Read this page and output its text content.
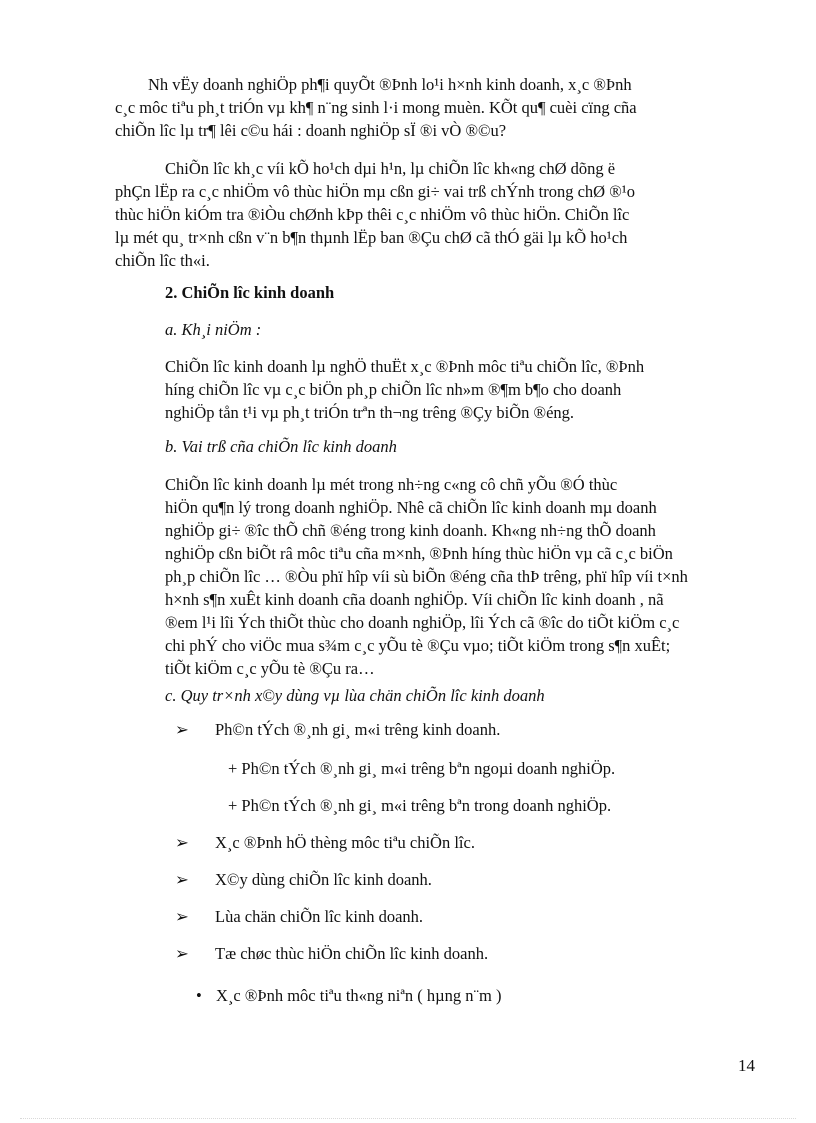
Nh vËy doanh nghiÖp ph¶i quyÕt ®Þnh lo¹i h×nh kinh doanh, x¸c ®Þnh

c¸c môc tiªu ph¸t triÓn vµ kh¶ n¨ng sinh l·i mong muèn. KÕt qu¶ cuèi cïng cña

chiÕn lîc lµ tr¶ lêi c©u hái : doanh nghiÖp sÏ ®i vÒ ®©u?

ChiÕn lîc kh¸c víi kÕ ho¹ch dµi h¹n, lµ chiÕn lîc kh«ng chØ dõng ë

phÇn lËp ra c¸c nhiÖm vô thùc hiÖn mµ cßn gi÷ vai trß chÝnh trong chØ ®¹o

thùc hiÖn kiÓm tra ®iÒu chØnh kÞp thêi c¸c nhiÖm vô thùc hiÖn. ChiÕn lîc

lµ mét qu¸ tr×nh cßn v¨n b¶n thµnh lËp ban ®Çu chØ cã thÓ gäi lµ kÕ ho¹ch

chiÕn lîc th«i.

2. ChiÕn lîc kinh doanh

a. Kh¸i niÖm :

ChiÕn lîc kinh doanh lµ nghÖ thuËt x¸c ®Þnh môc tiªu chiÕn lîc, ®Þnh

híng chiÕn lîc vµ c¸c biÖn ph¸p chiÕn lîc nh»m ®¶m b¶o cho doanh

nghiÖp tån t¹i vµ ph¸t triÓn trªn th¬ng trêng ®Çy biÕn ®éng.

b. Vai trß cña chiÕn lîc kinh doanh

ChiÕn lîc kinh doanh lµ mét trong nh÷ng c«ng cô chñ yÕu ®Ó thùc

hiÖn qu¶n lý trong doanh nghiÖp. Nhê cã chiÕn lîc kinh doanh mµ doanh

nghiÖp gi÷ ®îc thÕ chñ ®éng trong kinh doanh. Kh«ng nh÷ng thÕ doanh

nghiÖp cßn biÕt râ môc tiªu cña m×nh, ®Þnh híng thùc hiÖn vµ cã c¸c biÖn

ph¸p chiÕn lîc … ®Òu phï hîp víi sù biÕn ®éng cña thÞ trêng, phï hîp víi t×nh

h×nh s¶n xuÊt kinh doanh cña doanh nghiÖp. Víi chiÕn lîc kinh doanh , nã

®em l¹i lîi Ých thiÕt thùc cho doanh nghiÖp, lîi Ých cã ®îc do tiÕt kiÖm c¸c

chi phÝ cho viÖc mua s¾m c¸c yÕu tè ®Çu vµo; tiÕt kiÖm trong s¶n xuÊt;

tiÕt kiÖm c¸c yÕu tè ®Çu ra…

c. Quy tr×nh x©y dùng vµ lùa chän chiÕn lîc kinh doanh

➢ Ph©n tÝch ®¸nh gi¸ m«i trêng kinh doanh.

+ Ph©n tÝch ®¸nh gi¸ m«i trêng bªn ngoµi doanh nghiÖp.

+ Ph©n tÝch ®¸nh gi¸ m«i trêng bªn trong doanh nghiÖp.

➢ X¸c ®Þnh hÖ thèng môc tiªu chiÕn lîc.

➢ X©y dùng chiÕn lîc kinh doanh.

➢ Lùa chän chiÕn lîc kinh doanh.

➢ Tæ chøc thùc hiÖn chiÕn lîc kinh doanh.

• X¸c ®Þnh môc tiªu th«ng niªn ( hµng n¨m )

14
